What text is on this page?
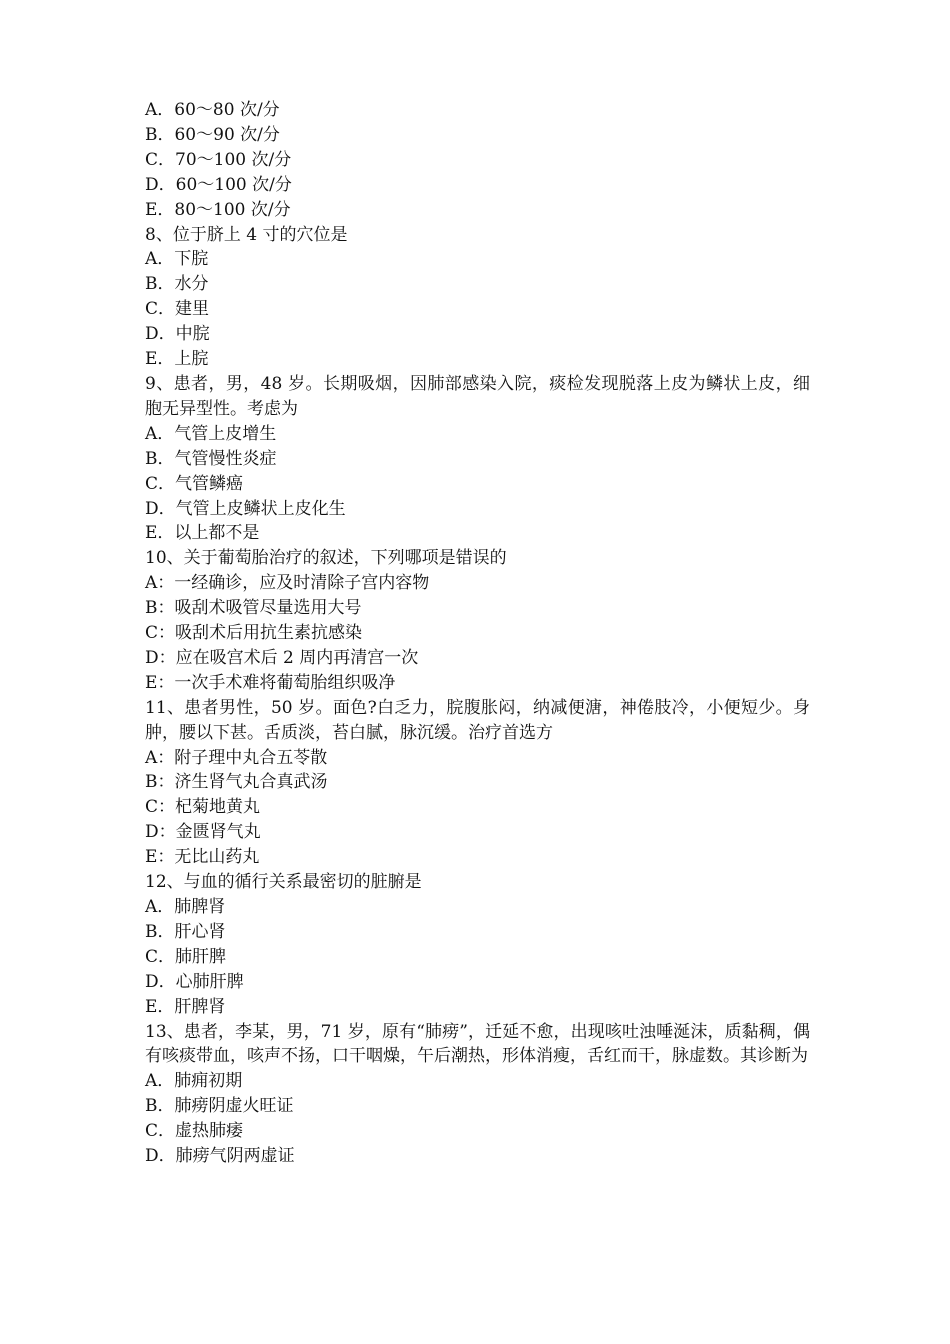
A．60～80 次/分

B．60～90 次/分

C．70～100 次/分

D．60～100 次/分

E．80～100 次/分

8、位于脐上 4 寸的穴位是

A．下脘

B．水分

C．建里

D．中脘

E．上脘

9、患者，男，48 岁。长期吸烟，因肺部感染入院，痰检发现脱落上皮为鳞状上皮，细胞无异型性。考虑为

A．气管上皮增生

B．气管慢性炎症

C．气管鳞癌

D．气管上皮鳞状上皮化生

E．以上都不是

10、关于葡萄胎治疗的叙述，下列哪项是错误的

A：一经确诊，应及时清除子宫内容物

B：吸刮术吸管尽量选用大号

C：吸刮术后用抗生素抗感染

D：应在吸宫术后 2 周内再清宫一次

E：一次手术难将葡萄胎组织吸净

11、患者男性，50 岁。面色?白乏力，脘腹胀闷，纳减便溏，神倦肢冷，小便短少。身肿，腰以下甚。舌质淡，苔白腻，脉沉缓。治疗首选方

A：附子理中丸合五苓散

B：济生肾气丸合真武汤

C：杞菊地黄丸

D：金匮肾气丸

E：无比山药丸

12、与血的循行关系最密切的脏腑是

A．肺脾肾

B．肝心肾

C．肺肝脾

D．心肺肝脾

E．肝脾肾

13、患者，李某，男，71 岁，原有“肺痨”，迁延不愈，出现咳吐浊唾涎沫，质黏稠，偶有咳痰带血，咳声不扬，口干咽燥，午后潮热，形体消瘦，舌红而干，脉虚数。其诊断为

A．肺痈初期

B．肺痨阴虚火旺证

C．虚热肺痿

D．肺痨气阴两虚证
